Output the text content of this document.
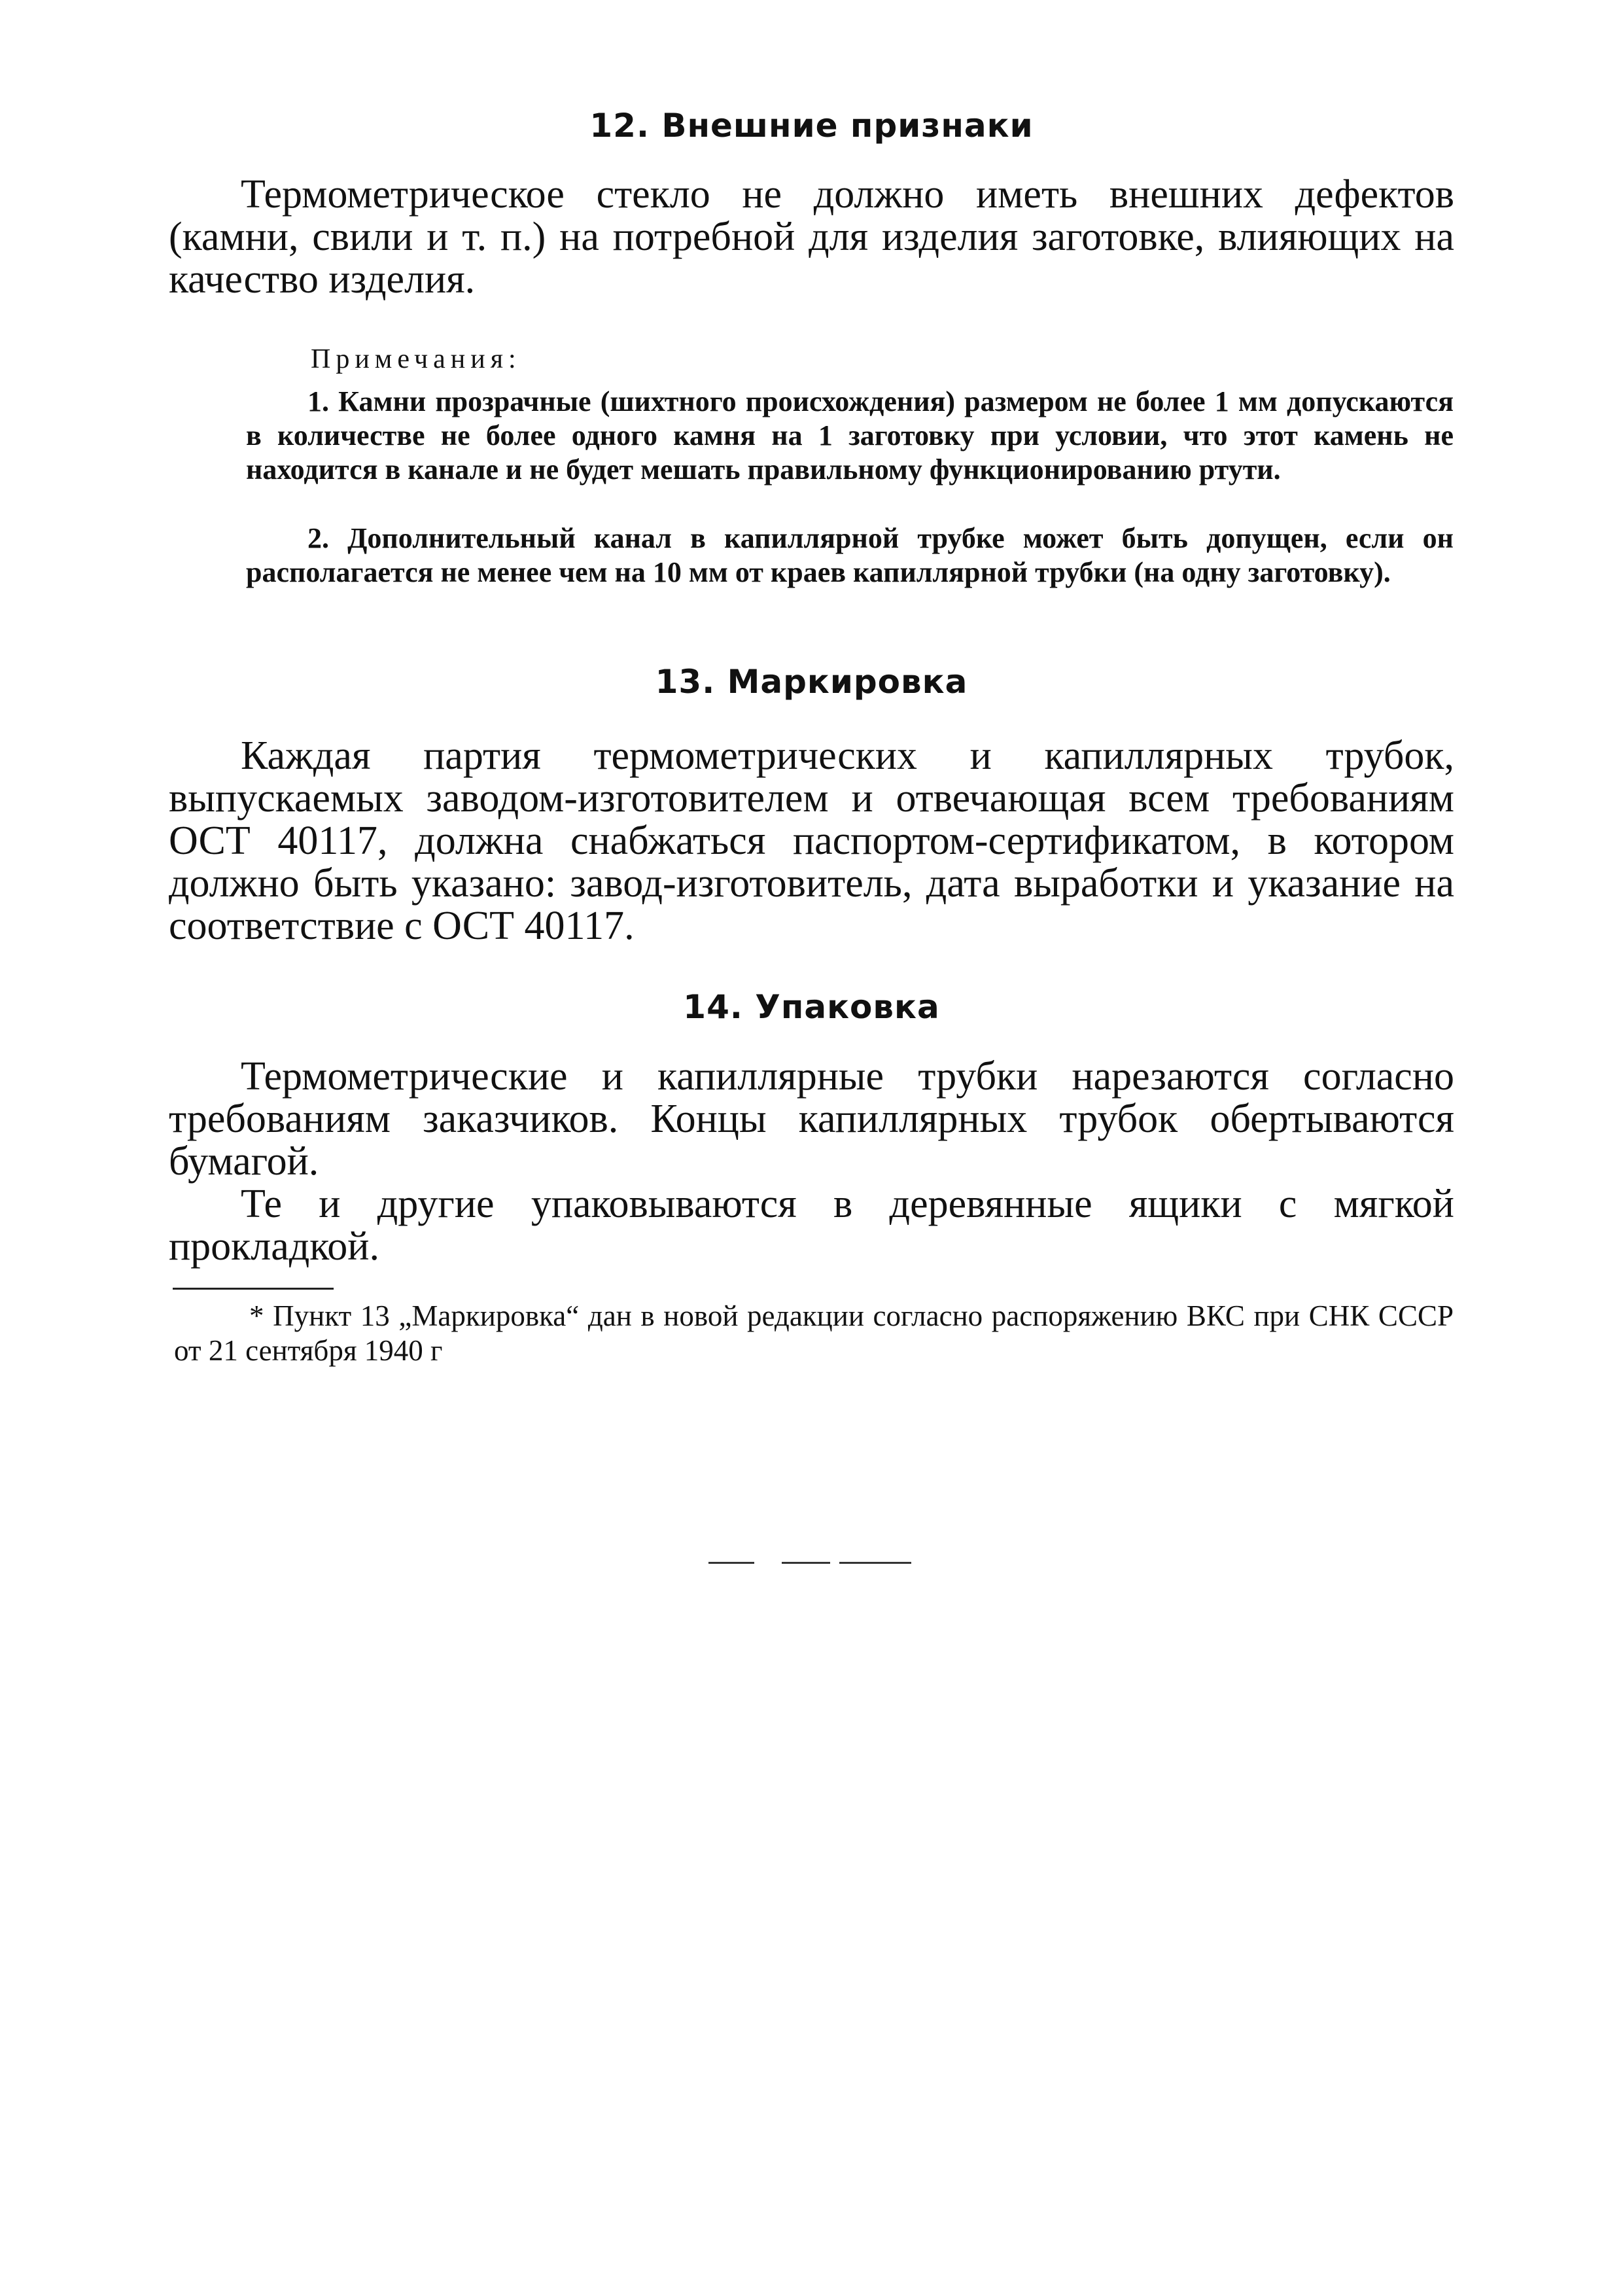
12. Внешние признаки
Термометрическое стекло не должно иметь внешних дефектов (камни, свили и т. п.) на потребной для изделия заготовке, влияющих на качество изделия.
Примечания:
1. Камни прозрачные (шихтного происхождения) размером не более 1 мм допускаются в количестве не более одного камня на 1 заготовку при условии, что этот камень не находится в канале и не будет мешать правильному функционированию ртути.
2. Дополнительный канал в капиллярной трубке может быть допущен, если он располагается не менее чем на 10 мм от краев капиллярной трубки (на одну заготовку).
13. Маркировка
Каждая партия термометрических и капиллярных трубок, выпускаемых заводом-изготовителем и отвечающая всем требованиям ОСТ 40117, должна снабжаться паспортом-сертификатом, в котором должно быть указано: завод-изготовитель, дата выработки и указание на соответствие с ОСТ 40117.
14. Упаковка
Термометрические и капиллярные трубки нарезаются согласно требованиям заказчиков. Концы капиллярных трубок обертываются бумагой.
Те и другие упаковываются в деревянные ящики с мягкой прокладкой.
* Пункт 13 „Маркировка“ дан в новой редакции согласно распоряжению ВКС при СНК СССР от 21 сентября 1940 г
